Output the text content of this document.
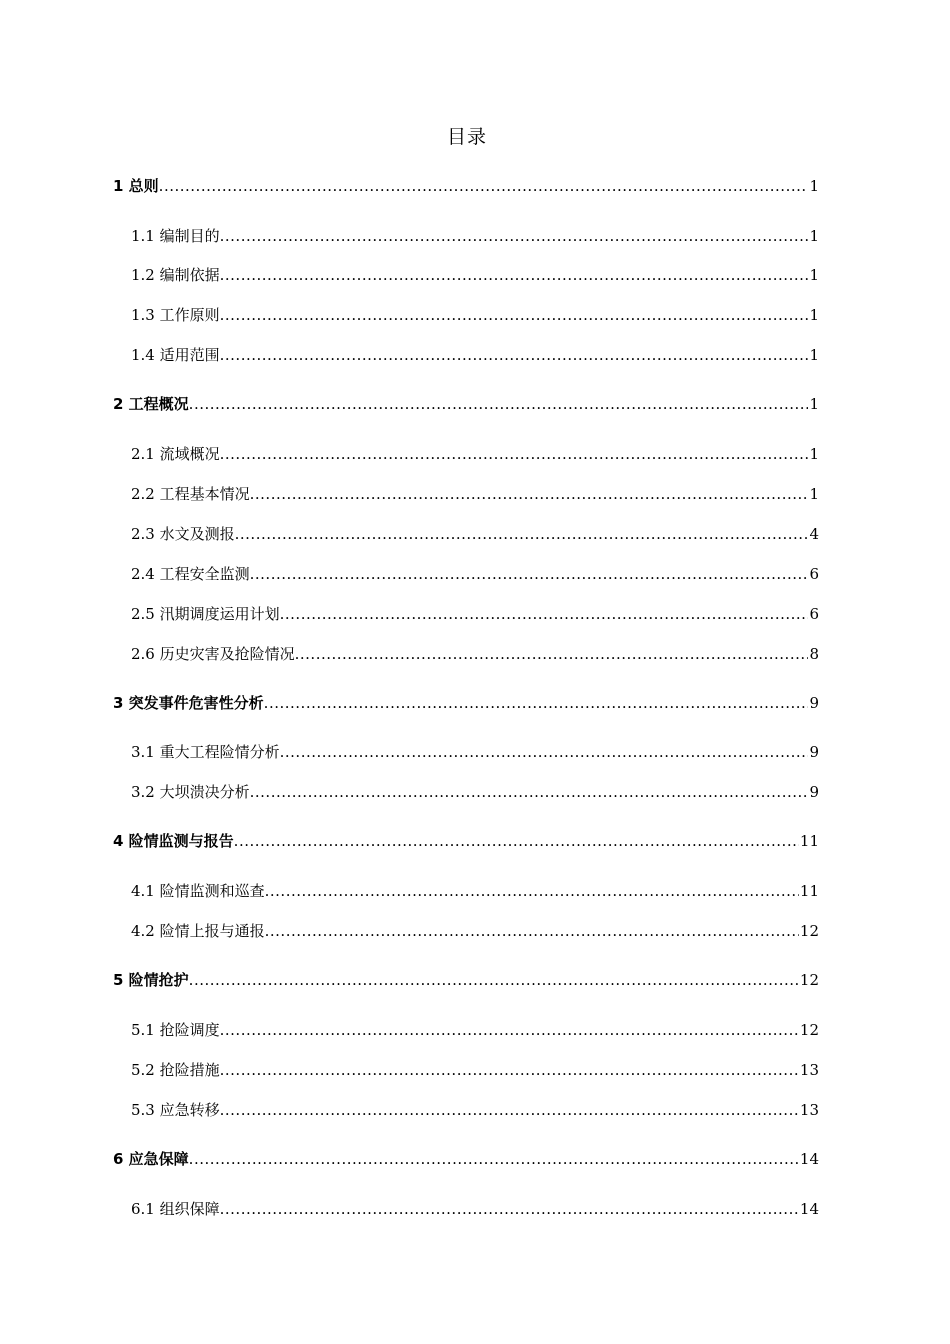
目录
1 总则 .....	1
1.1 编制目的 .....	1
1.2 编制依据 .....	1
1.3 工作原则 .....	1
1.4 适用范围 .....	1
2 工程概况 .....	1
2.1 流域概况 .....	1
2.2 工程基本情况 .....	1
2.3 水文及测报 .....	4
2.4 工程安全监测 .....	6
2.5 汛期调度运用计划 .....	6
2.6 历史灾害及抢险情况 .....	8
3 突发事件危害性分析 .....	9
3.1 重大工程险情分析 .....	9
3.2 大坝溃决分析 .....	9
4 险情监测与报告 .....	11
4.1 险情监测和巡查 .....	11
4.2 险情上报与通报 .....	12
5 险情抢护 .....	12
5.1 抢险调度 .....	12
5.2 抢险措施 .....	13
5.3 应急转移 .....	13
6 应急保障 .....	14
6.1 组织保障 .....	14
